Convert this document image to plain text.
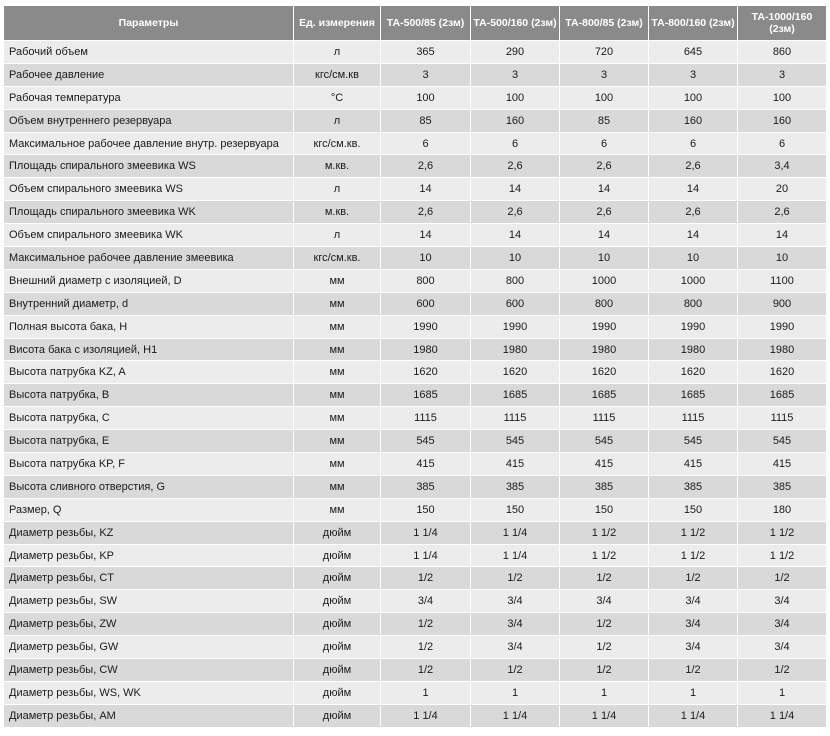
Параметры	Ед. измерения	ТА-500/85 (2зм)	ТА-500/160 (2зм)	ТА-800/85 (2зм)	ТА-800/160 (2зм)	ТА-1000/160 (2зм)
Рабочий объем	л	365	290	720	645	860
Рабочее давление	кгс/см.кв	3	3	3	3	3
Рабочая температура	°С	100	100	100	100	100
Объем внутреннего резервуара	л	85	160	85	160	160
Максимальное рабочее давление внутр. резервуара	кгс/см.кв.	6	6	6	6	6
Площадь спирального змеевика WS	м.кв.	2,6	2,6	2,6	2,6	3,4
Объем спирального змеевика WS	л	14	14	14	14	20
Площадь спирального змеевика WK	м.кв.	2,6	2,6	2,6	2,6	2,6
Объем спирального змеевика WK	л	14	14	14	14	14
Максимальное рабочее давление змеевика	кгс/см.кв.	10	10	10	10	10
Внешний диаметр с изоляцией, D	мм	800	800	1000	1000	1100
Внутренний диаметр, d	мм	600	600	800	800	900
Полная высота бака, H	мм	1990	1990	1990	1990	1990
Висота бака с изоляцией, H1	мм	1980	1980	1980	1980	1980
Высота патрубка KZ, A	мм	1620	1620	1620	1620	1620
Высота патрубка, B	мм	1685	1685	1685	1685	1685
Высота патрубка, C	мм	1115	1115	1115	1115	1115
Высота патрубка, E	мм	545	545	545	545	545
Высота патрубка KP, F	мм	415	415	415	415	415
Высота сливного отверстия, G	мм	385	385	385	385	385
Размер, Q	мм	150	150	150	150	180
Диаметр резьбы, KZ	дюйм	1 1/4	1 1/4	1 1/2	1 1/2	1 1/2
Диаметр резьбы, KP	дюйм	1 1/4	1 1/4	1 1/2	1 1/2	1 1/2
Диаметр резьбы, CT	дюйм	1/2	1/2	1/2	1/2	1/2
Диаметр резьбы, SW	дюйм	3/4	3/4	3/4	3/4	3/4
Диаметр резьбы, ZW	дюйм	1/2	3/4	1/2	3/4	3/4
Диаметр резьбы, GW	дюйм	1/2	3/4	1/2	3/4	3/4
Диаметр резьбы, CW	дюйм	1/2	1/2	1/2	1/2	1/2
Диаметр резьбы, WS, WK	дюйм	1	1	1	1	1
Диаметр резьбы, AM	дюйм	1 1/4	1 1/4	1 1/4	1 1/4	1 1/4
